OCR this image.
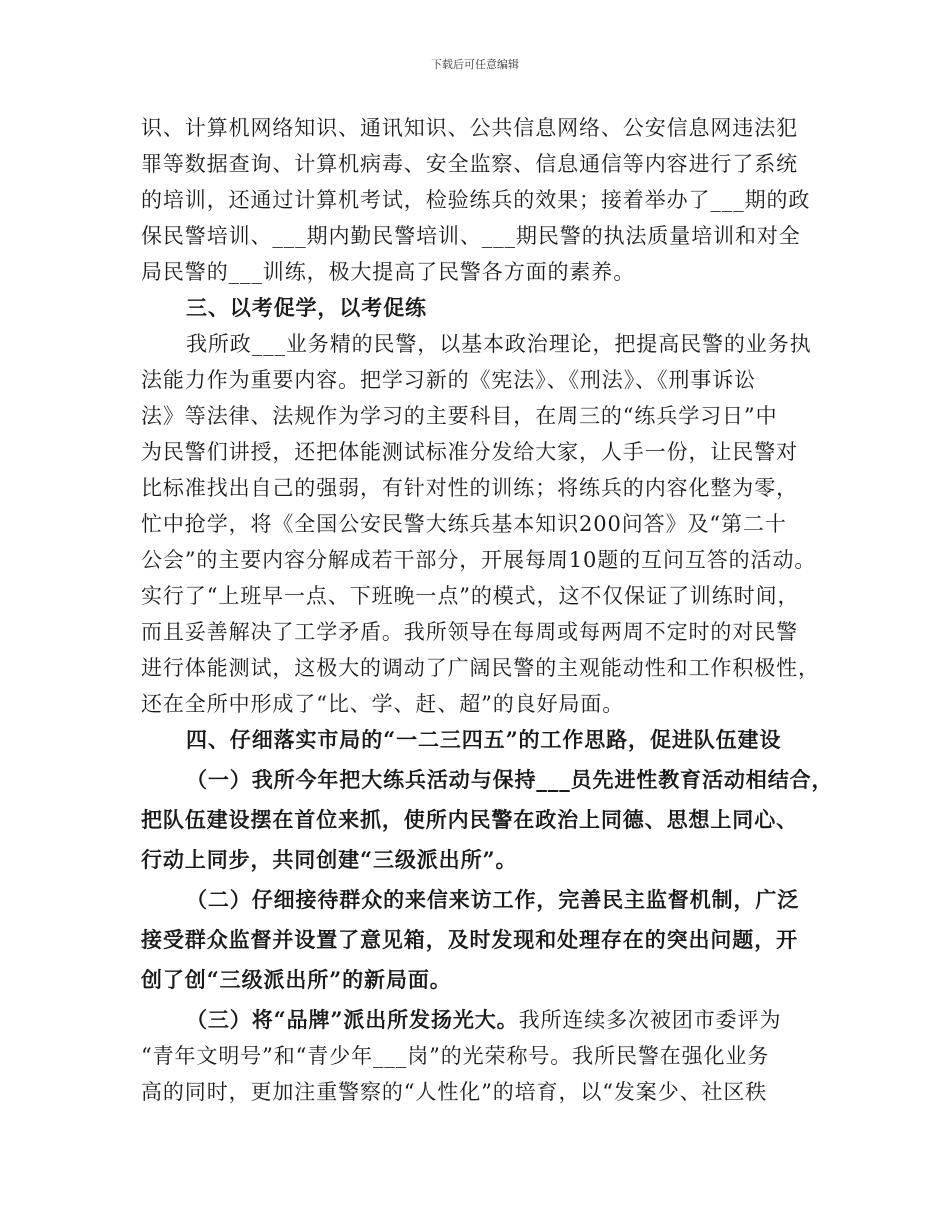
下载后可任意编辑
识、计算机网络知识、通讯知识、公共信息网络、公安信息网违法犯
罪等数据查询、计算机病毒、安全监察、信息通信等内容进行了系统
的培训，还通过计算机考试，检验练兵的效果；接着举办了___期的政
保民警培训、___期内勤民警培训、___期民警的执法质量培训和对全
局民警的___训练，极大提高了民警各方面的素养。
三、以考促学，以考促练
我所政___业务精的民警，以基本政治理论，把提高民警的业务执
法能力作为重要内容。把学习新的《宪法》、《刑法》、《刑事诉讼
法》等法律、法规作为学习的主要科目，在周三的“练兵学习日”中
为民警们讲授，还把体能测试标准分发给大家，人手一份，让民警对
比标准找出自己的强弱，有针对性的训练；将练兵的内容化整为零，
忙中抢学，将《全国公安民警大练兵基本知识200问答》及“第二十
公会”的主要内容分解成若干部分，开展每周10题的互问互答的活动。
实行了“上班早一点、下班晚一点”的模式，这不仅保证了训练时间，
而且妥善解决了工学矛盾。我所领导在每周或每两周不定时的对民警
进行体能测试，这极大的调动了广阔民警的主观能动性和工作积极性，
还在全所中形成了“比、学、赶、超”的良好局面。
四、仔细落实市局的“一二三四五”的工作思路，促进队伍建设
（一）我所今年把大练兵活动与保持___员先进性教育活动相结合，
把队伍建设摆在首位来抓，使所内民警在政治上同德、思想上同心、
行动上同步，共同创建“三级派出所”。
（二）仔细接待群众的来信来访工作，完善民主监督机制，广泛
接受群众监督并设置了意见箱，及时发现和处理存在的突出问题，开
创了创“三级派出所”的新局面。
（三）将“品牌”派出所发扬光大。我所连续多次被团市委评为
“青年文明号”和“青少年___岗”的光荣称号。我所民警在强化业务
高的同时，更加注重警察的“人性化”的培育，以“发案少、社区秩
